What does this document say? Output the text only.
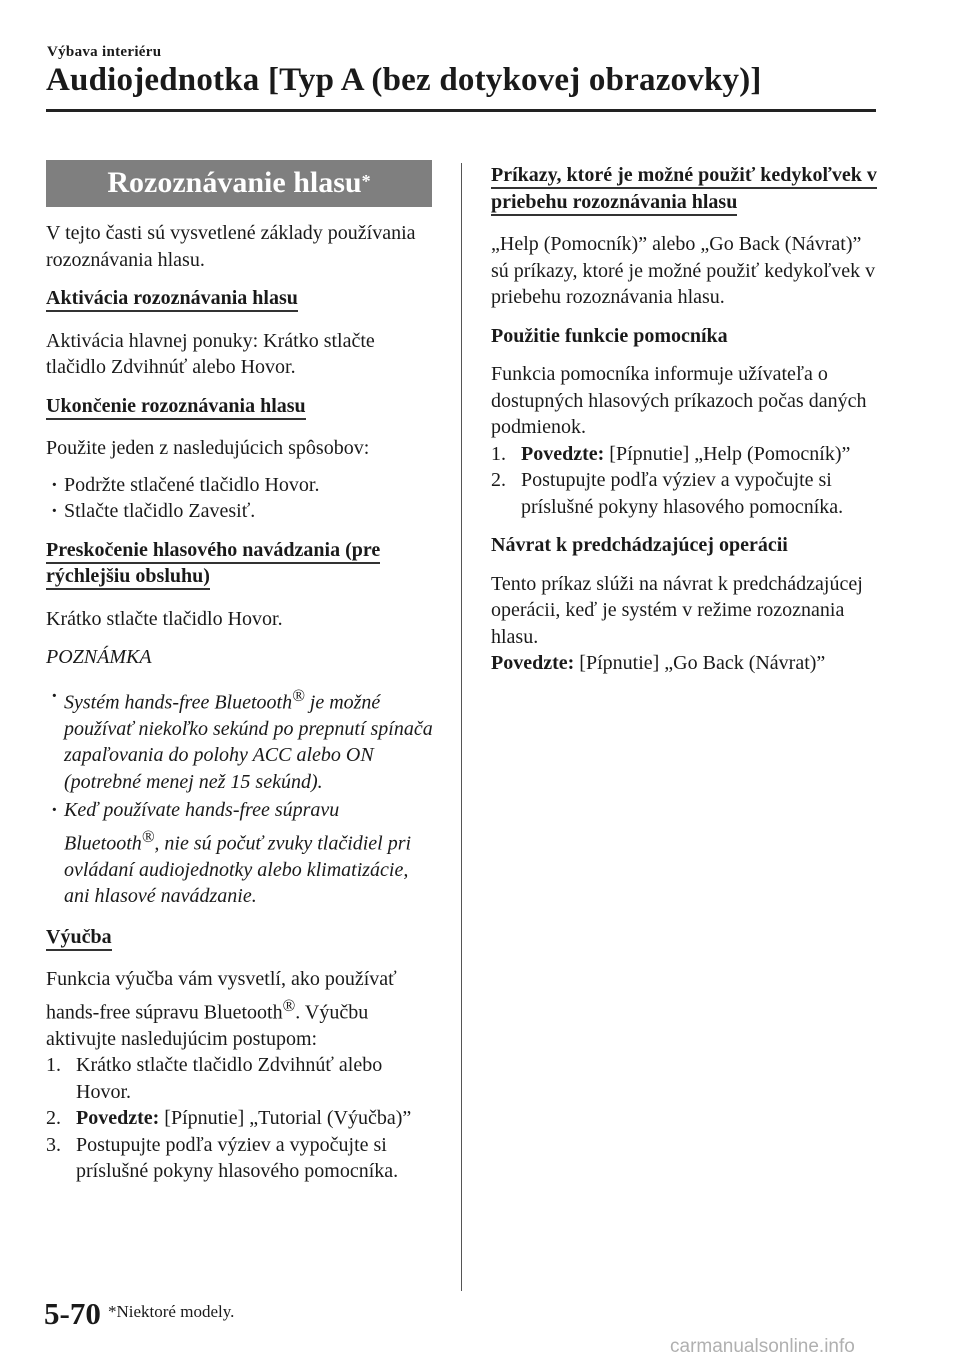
Výbava interiéru
Audiojednotka [Typ A (bez dotykovej obrazovky)]
Rozoznávanie hlasu*

V tejto časti sú vysvetlené základy používania rozoznávania hlasu.

Aktivácia rozoznávania hlasu

Aktivácia hlavnej ponuky: Krátko stlačte tlačidlo Zdvihnúť alebo Hovor.

Ukončenie rozoznávania hlasu

Použite jeden z nasledujúcich spôsobov:

· Podržte stlačené tlačidlo Hovor.
· Stlačte tlačidlo Zavesiť.
Preskočenie hlasového navádzania (pre rýchlejšiu obsluhu)

Krátko stlačte tlačidlo Hovor.

POZNÁMKA
· Systém hands-free Bluetooth® je možné používať niekoľko sekúnd po prepnutí spínača zapaľovania do polohy ACC alebo ON (potrebné menej než 15 sekúnd).
· Keď používate hands-free súpravu Bluetooth®, nie sú počuť zvuky tlačidiel pri ovládaní audiojednotky alebo klimatizácie, ani hlasové navádzanie.
Výučba

Funkcia výučba vám vysvetlí, ako používať hands-free súpravu Bluetooth®. Výučbu aktivujte nasledujúcim postupom:

1. Krátko stlačte tlačidlo Zdvihnúť alebo Hovor.
2. Povedzte: [Pípnutie] „Tutorial (Výučba)”
3. Postupujte podľa výziev a vypočujte si príslušné pokyny hlasového pomocníka.
Príkazy, ktoré je možné použiť kedykoľvek v priebehu rozoznávania hlasu

„Help (Pomocník)” alebo „Go Back (Návrat)” sú príkazy, ktoré je možné použiť kedykoľvek v priebehu rozoznávania hlasu.

Použitie funkcie pomocníka

Funkcia pomocníka informuje užívateľa o dostupných hlasových príkazoch počas daných podmienok.

1. Povedzte: [Pípnutie] „Help (Pomocník)”
2. Postupujte podľa výziev a vypočujte si príslušné pokyny hlasového pomocníka.
Návrat k predchádzajúcej operácii

Tento príkaz slúži na návrat k predchádzajúcej operácii, keď je systém v režime rozoznania hlasu.

Povedzte: [Pípnutie] „Go Back (Návrat)”

5-70 *Niektoré modely.
carmanualsonline.info
